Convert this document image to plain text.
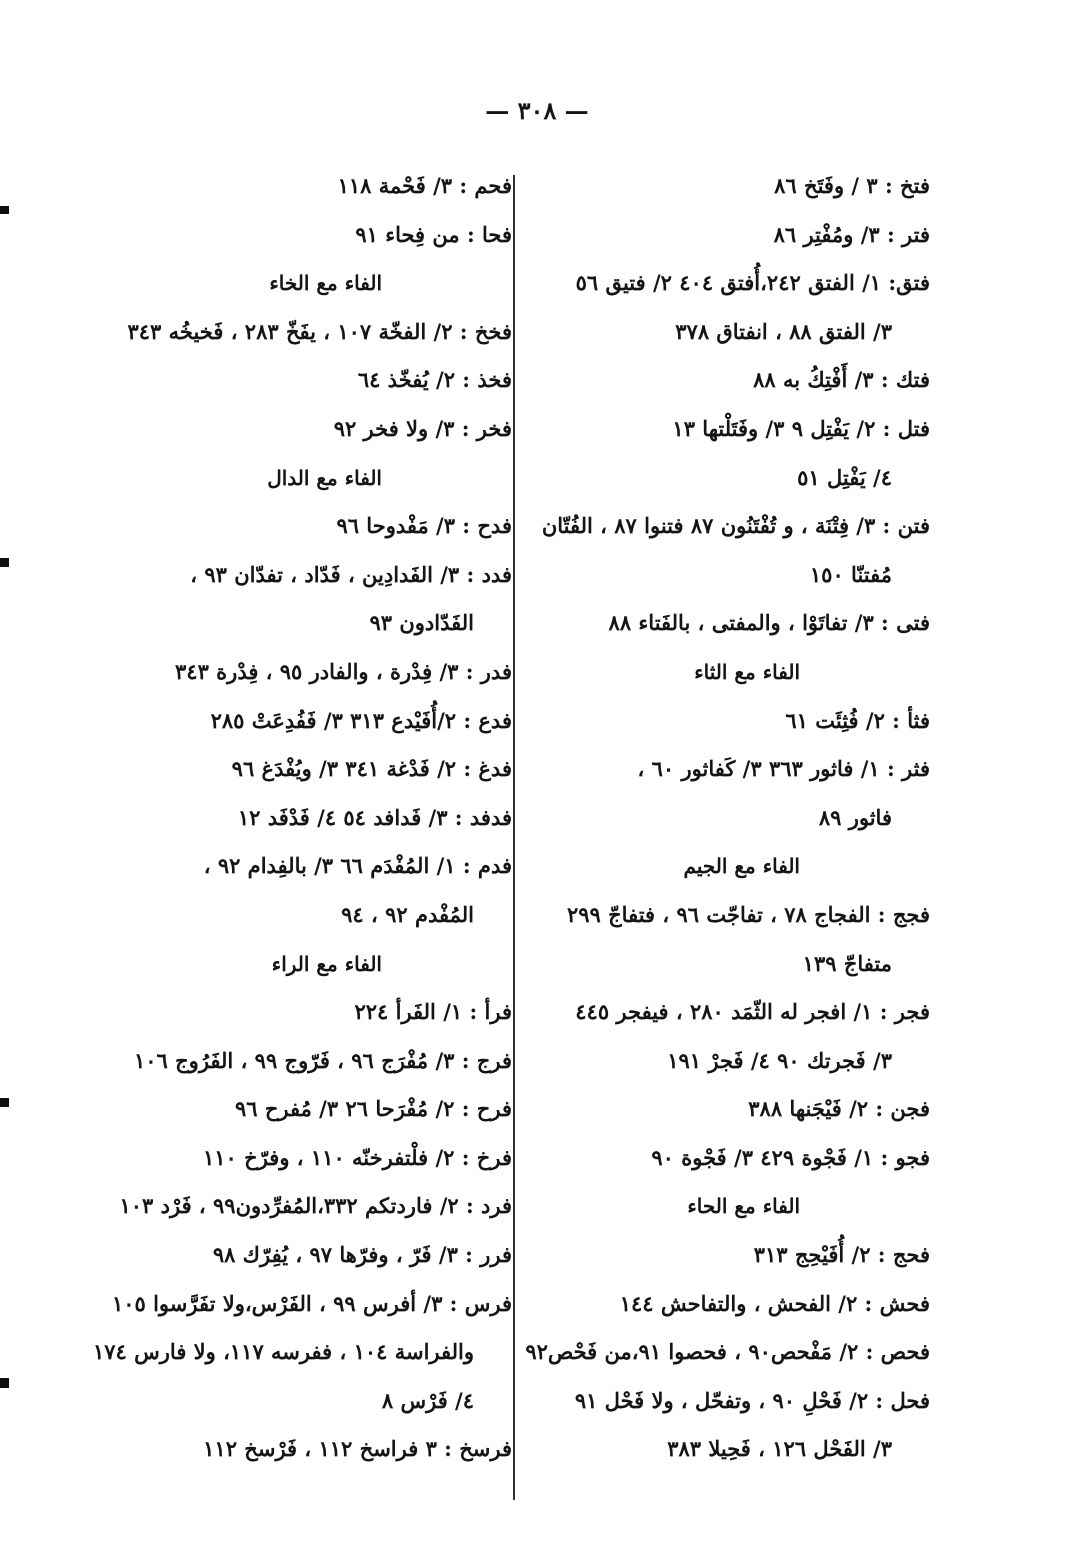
— ٣٠٨ —
فتخ : ٣ / وفَتَخ ٨٦
فتر : ٣/ ومُفْتِر ٨٦
فتق: ١/ الفتق ٢٤٢،أُفتق ٤٠٤ ٢/ فتيق ٥٦
٣/ الفتق ٨٨ ، انفتاق ٣٧٨
فتك : ٣/ أَفْتِكُ به ٨٨
فتل : ٢/ يَفْتِل ٩ ٣/ وفَتَلْتها ١٣
٤/ يَفْتِل ٥١
فتن : ٣/ فِتْنَة ، و تُفْتَنُون ٨٧ فتنوا ٨٧ ، الفُتّان
مُفتنّا ١٥٠
فتى : ٣/ تفاتَوْا ، والمفتى ، بالفَتاء ٨٨
الفاء مع الثاء
فثأ : ٢/ فُثِئَت ٦١
فثر : ١/ فاثور ٣٦٣ ٣/ كَفاثور ٦٠ ،
فاثور ٨٩
الفاء مع الجيم
فجج : الفجاج ٧٨ ، تفاجّت ٩٦ ، فتفاجّ ٢٩٩
متفاجّ ١٣٩
فجر : ١/ افجر له الثّمَد ٢٨٠ ، فيفجر ٤٤٥
٣/ فَجرتك ٩٠ ٤/ فَجرْ ١٩١
فجن : ٢/ فَيْجَنها ٣٨٨
فجو : ١/ فَجْوة ٤٢٩ ٣/ فَجْوة ٩٠
الفاء مع الحاء
فحج : ٢/ أُفَيْحِج ٣١٣
فحش : ٢/ الفحش ، والتفاحش ١٤٤
فحص : ٢/ مَفْحص٩٠ ، فحصوا ٩١،من فَحْص٩٢
فحل : ٢/ فَحْلِ ٩٠ ، وتفحّل ، ولا فَحْل ٩١
٣/ الفَحْل ١٢٦ ، فَحِيلا ٣٨٣
فحم : ٣/ فَحْمة ١١٨
فحا : من فِحاء ٩١
الفاء مع الخاء
فخخ : ٢/ الفخّة ١٠٧ ، يفَخّ ٢٨٣ ، فَخيخُه ٣٤٣
فخذ : ٢/ يُفخّذ ٦٤
فخر : ٣/ ولا فخر ٩٢
الفاء مع الدال
فدح : ٣/ مَفْدوحا ٩٦
فدد : ٣/ الفَدادِين ، فَدّاد ، تفدّان ٩٣ ،
الفَدّادون ٩٣
فدر : ٣/ فِدْرة ، والفادر ٩٥ ، فِدْرة ٣٤٣
فدع : ٢/أُفَيْدع ٣١٣ ٣/ فَفُدِعَتْ ٢٨٥
فدغ : ٢/ فَدْغة ٣٤١ ٣/ ويُفْدَغ ٩٦
فدفد : ٣/ فَدافد ٥٤ ٤/ فَدْفَد ١٢
فدم : ١/ المُفْدَم ٦٦ ٣/ بالفِدام ٩٢ ،
المُفْدم ٩٢ ، ٩٤
الفاء مع الراء
فرأ : ١/ الفَرأ ٢٢٤
فرج : ٣/ مُفْرَج ٩٦ ، فَرّوج ٩٩ ، الفَرُوج ١٠٦
فرح : ٢/ مُفْرَحا ٢٦ ٣/ مُفرح ٩٦
فرخ : ٢/ فلْتفرخنّه ١١٠ ، وفرّخ ١١٠
فرد : ٢/ فاردتكم ٣٣٢،المُفرِّدون٩٩ ، فَرْد ١٠٣
فرر : ٣/ فَرّ ، وفرّها ٩٧ ، يُفِرّك ٩٨
فرس : ٣/ أفرس ٩٩ ، الفَرْس،ولا تفَرَّسوا ١٠٥
والفراسة ١٠٤ ، ففرسه ١١٧، ولا فارس ١٧٤
٤/ فَرْس ٨
فرسخ : ٣ فراسخ ١١٢ ، فَرْسخ ١١٢
